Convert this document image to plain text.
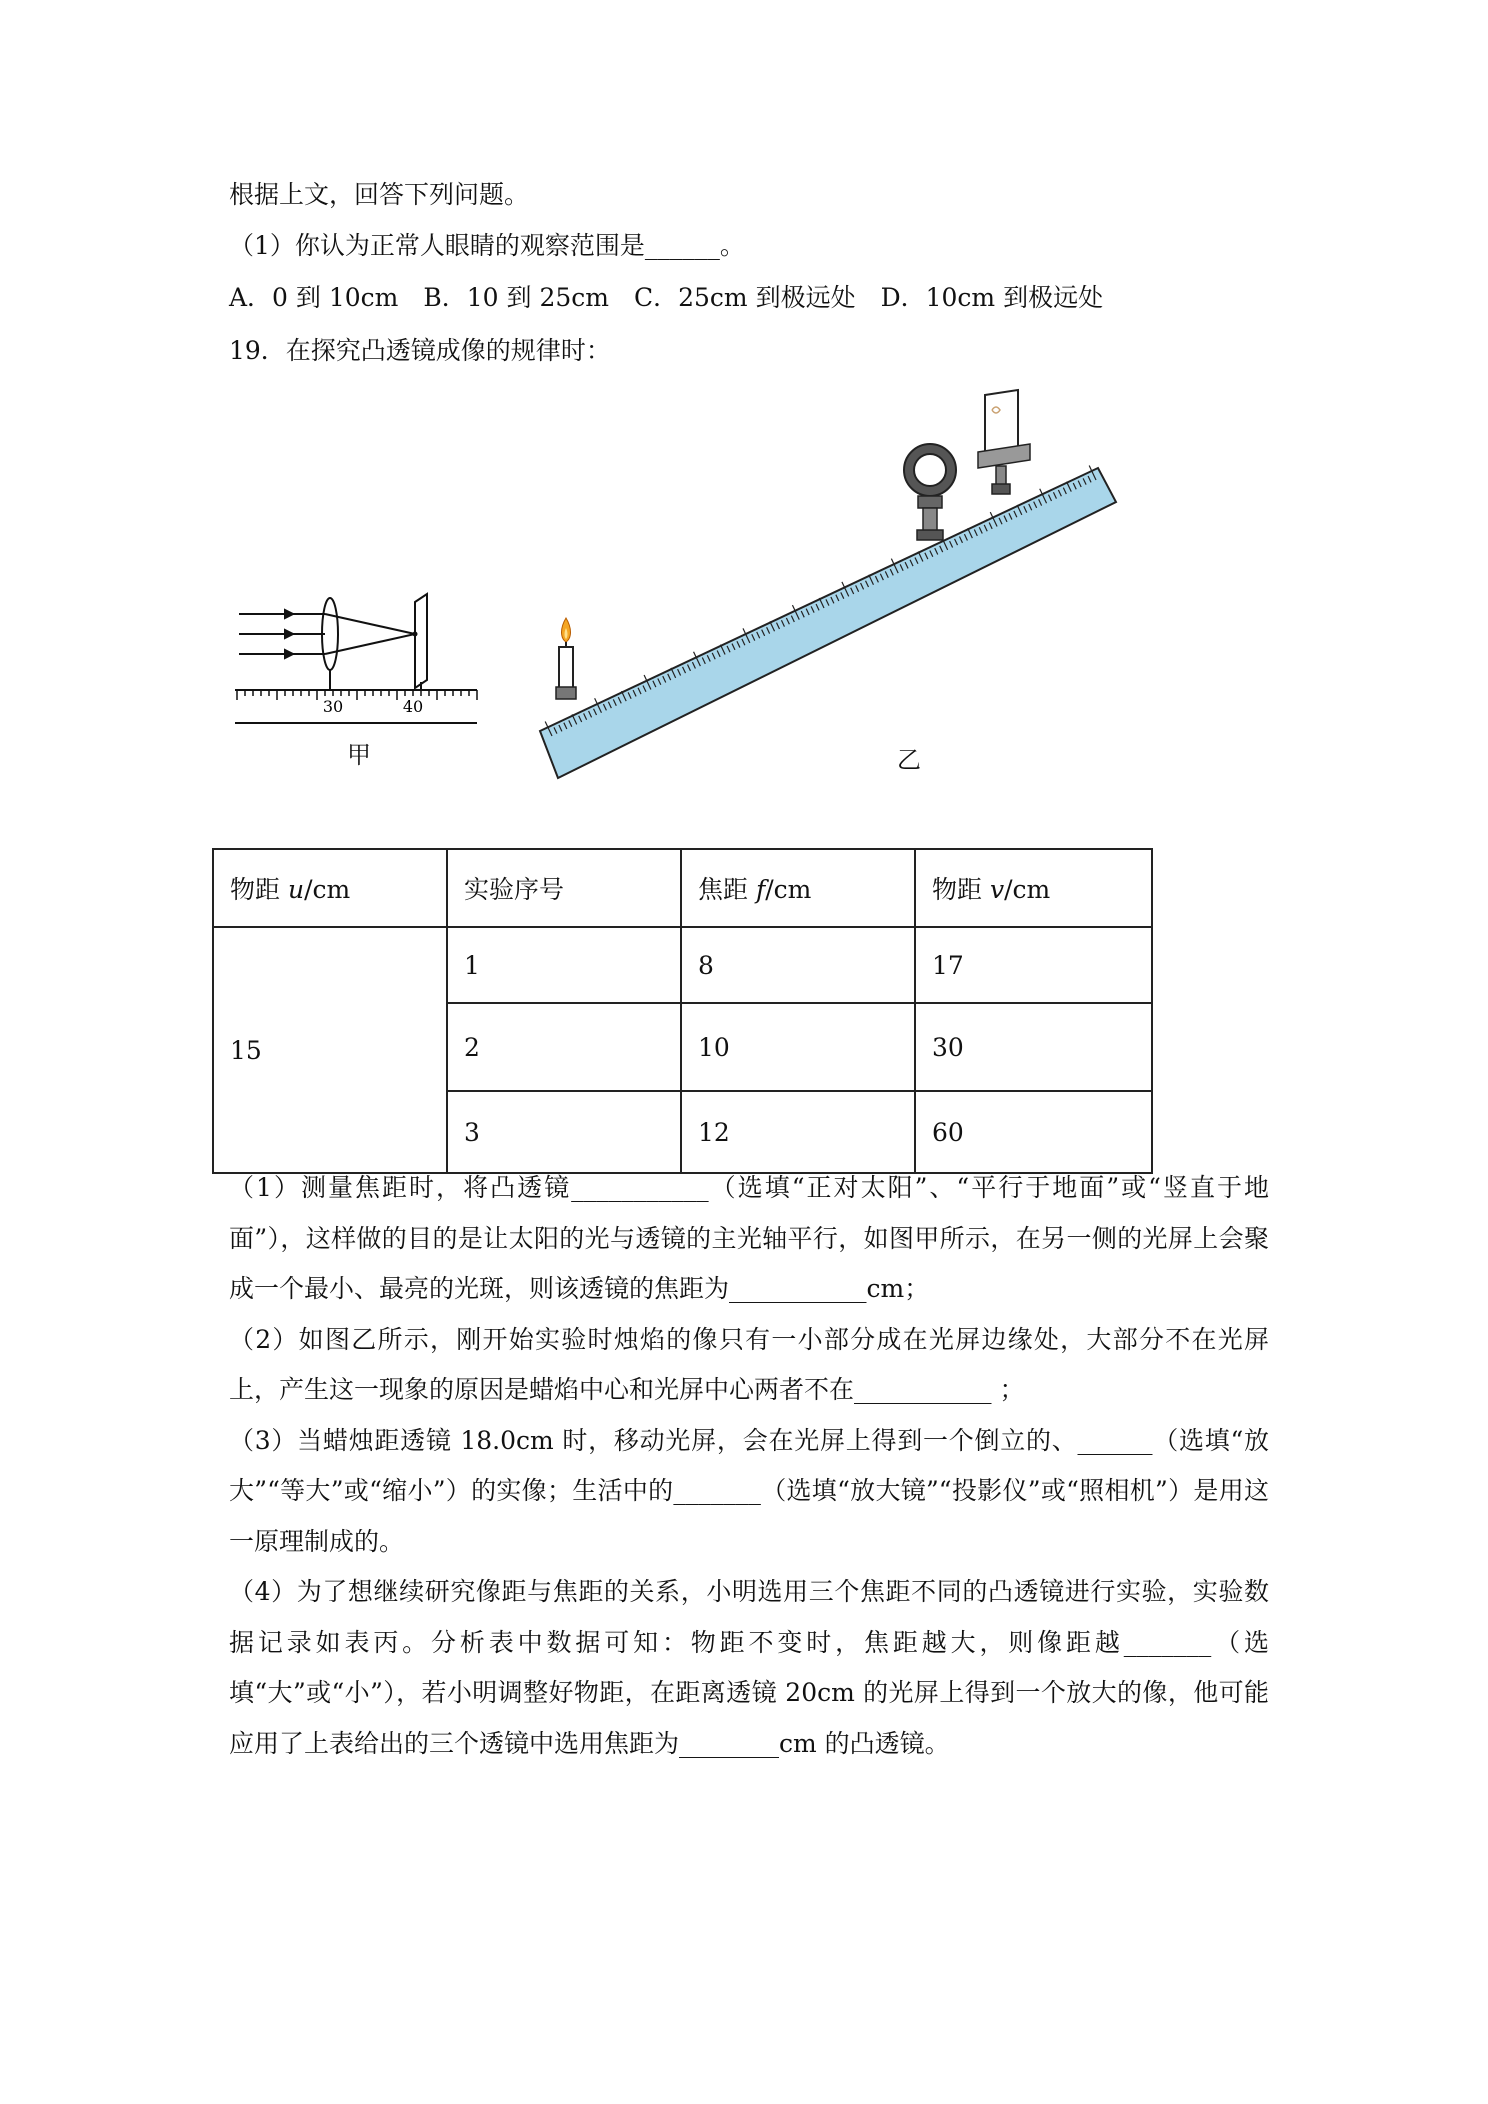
根据上文，回答下列问题。
（1）你认为正常人眼睛的观察范围是______。
A．0 到 10cm　B．10 到 25cm　C．25cm 到极远处　D．10cm 到极远处
19．在探究凸透镜成像的规律时：
30	40
甲	乙
物距 u/cm	实验序号	焦距 f/cm	物距 v/cm
15	1	8	17
	2	10	30
	3	12	60

（1）测量焦距时，将凸透镜___________（选填“正对太阳”、“平行于地面”或“竖直于地面”），这样做的目的是让太阳的光与透镜的主光轴平行，如图甲所示，在另一侧的光屏上会聚成一个最小、最亮的光斑，则该透镜的焦距为___________cm；

（2）如图乙所示，刚开始实验时烛焰的像只有一小部分成在光屏边缘处，大部分不在光屏上，产生这一现象的原因是蜡焰中心和光屏中心两者不在___________ ；

（3）当蜡烛距透镜 18.0cm 时，移动光屏，会在光屏上得到一个倒立的、______（选填“放大”“等大”或“缩小”）的实像；生活中的_______（选填“放大镜”“投影仪”或“照相机”）是用这一原理制成的。

（4）为了想继续研究像距与焦距的关系，小明选用三个焦距不同的凸透镜进行实验，实验数据记录如表丙。分析表中数据可知：物距不变时，焦距越大，则像距越_______（选填“大”或“小”），若小明调整好物距，在距离透镜 20cm 的光屏上得到一个放大的像，他可能应用了上表给出的三个透镜中选用焦距为________cm 的凸透镜。
